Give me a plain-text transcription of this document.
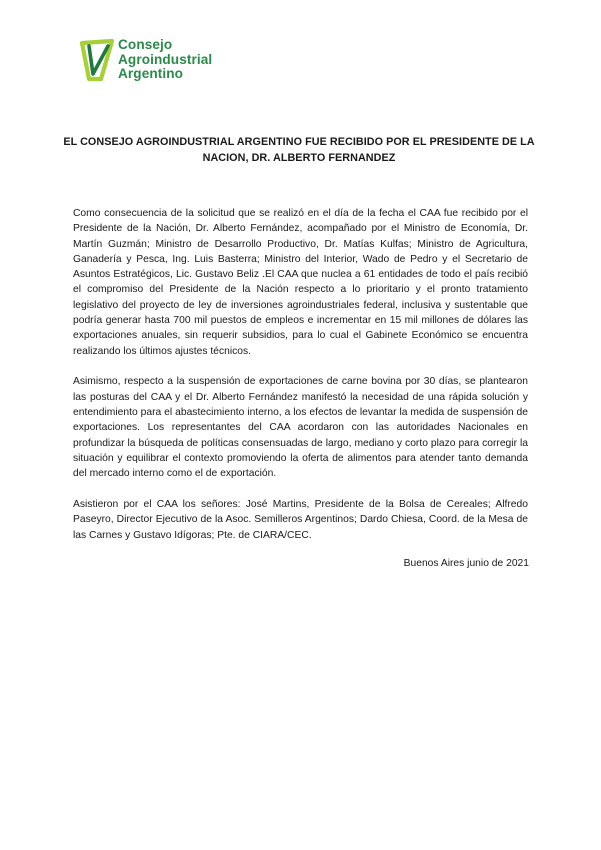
Consejo
Agroindustrial
Argentino
EL CONSEJO AGROINDUSTRIAL ARGENTINO FUE RECIBIDO POR EL PRESIDENTE DE LA NACION, DR. ALBERTO FERNANDEZ

Como consecuencia de la solicitud que se realizó en el día de la fecha el CAA fue recibido por el Presidente de la Nación, Dr. Alberto Fernández, acompañado por el Ministro de Economía, Dr. Martín Guzmán; Ministro de Desarrollo Productivo, Dr. Matías Kulfas; Ministro de Agricultura, Ganadería y Pesca, Ing. Luis Basterra; Ministro del Interior, Wado de Pedro y el Secretario de Asuntos Estratégicos, Lic. Gustavo Beliz .El CAA que nuclea a 61 entidades de todo el país recibió el compromiso del Presidente de la Nación respecto a lo prioritario y el pronto tratamiento legislativo del proyecto de ley de inversiones agroindustriales federal, inclusiva y sustentable que podría generar hasta 700 mil puestos de empleos e incrementar en 15 mil millones de dólares las exportaciones anuales, sin requerir subsidios, para lo cual el Gabinete Económico se encuentra realizando los últimos ajustes técnicos.

Asimismo, respecto a la suspensión de exportaciones de carne bovina por 30 días, se plantearon las posturas del CAA y el Dr. Alberto Fernández manifestó la necesidad de una rápida solución y entendimiento para el abastecimiento interno, a los efectos de levantar la medida de suspensión de exportaciones. Los representantes del CAA acordaron con las autoridades Nacionales en profundizar la búsqueda de políticas consensuadas de largo, mediano y corto plazo para corregir la situación y equilibrar el contexto promoviendo la oferta de alimentos para atender tanto demanda del mercado interno como el de exportación.

Asistieron por el CAA los señores: José Martins, Presidente de la Bolsa de Cereales; Alfredo Paseyro, Director Ejecutivo de la Asoc. Semilleros Argentinos; Dardo Chiesa, Coord. de la Mesa de las Carnes y Gustavo Idígoras; Pte. de CIARA/CEC.

Buenos Aires junio de 2021
